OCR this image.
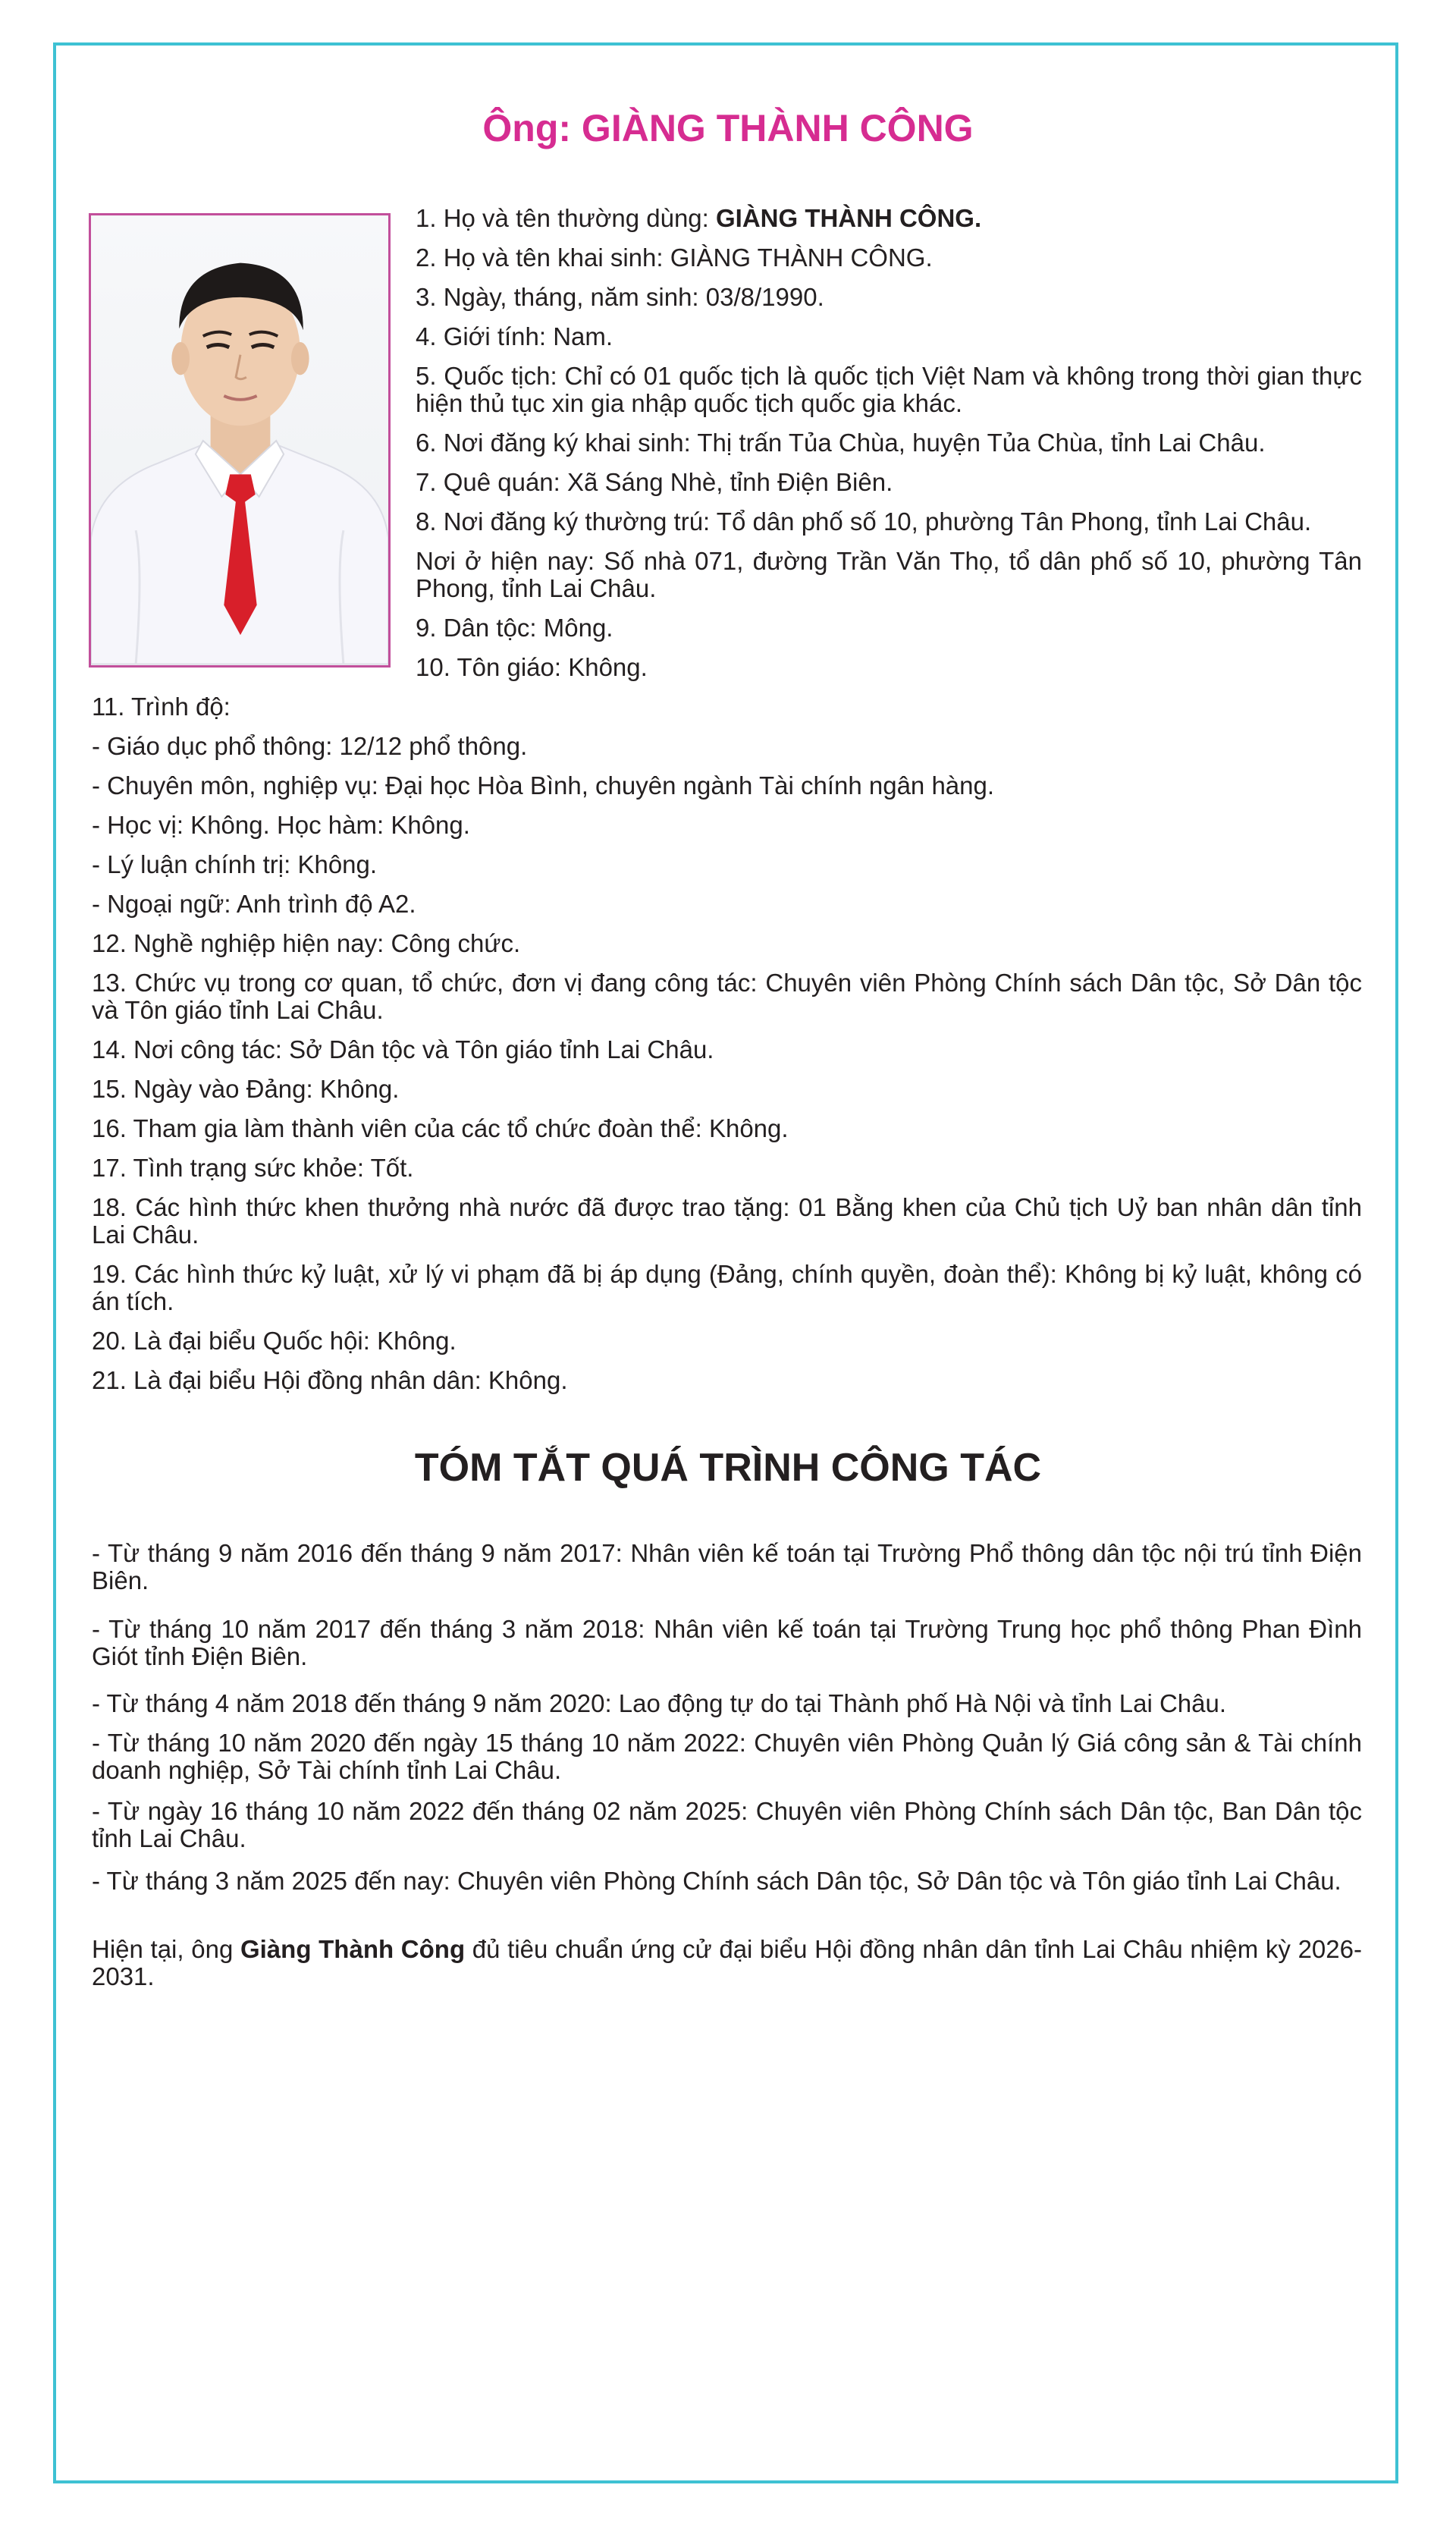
Ông: GIÀNG THÀNH CÔNG

1. Họ và tên thường dùng: GIÀNG THÀNH CÔNG.

2. Họ và tên khai sinh: GIÀNG THÀNH CÔNG.

3. Ngày, tháng, năm sinh: 03/8/1990.

4. Giới tính: Nam.

5. Quốc tịch: Chỉ có 01 quốc tịch là quốc tịch Việt Nam và không trong thời gian thực hiện thủ tục xin gia nhập quốc tịch quốc gia khác.

6. Nơi đăng ký khai sinh: Thị trấn Tủa Chùa, huyện Tủa Chùa, tỉnh Lai Châu.

7. Quê quán: Xã Sáng Nhè, tỉnh Điện Biên.

8. Nơi đăng ký thường trú: Tổ dân phố số 10, phường Tân Phong, tỉnh Lai Châu.

Nơi ở hiện nay: Số nhà 071, đường Trần Văn Thọ, tổ dân phố số 10, phường Tân Phong, tỉnh Lai Châu.

9. Dân tộc: Mông.

10. Tôn giáo: Không.

11. Trình độ:

- Giáo dục phổ thông: 12/12 phổ thông.

- Chuyên môn, nghiệp vụ: Đại học Hòa Bình, chuyên ngành Tài chính ngân hàng.

- Học vị: Không. Học hàm: Không.

- Lý luận chính trị: Không.

- Ngoại ngữ: Anh trình độ A2.

12. Nghề nghiệp hiện nay: Công chức.

13. Chức vụ trong cơ quan, tổ chức, đơn vị đang công tác: Chuyên viên Phòng Chính sách Dân tộc, Sở Dân tộc và Tôn giáo tỉnh Lai Châu.

14. Nơi công tác: Sở Dân tộc và Tôn giáo tỉnh Lai Châu.

15. Ngày vào Đảng: Không.

16. Tham gia làm thành viên của các tổ chức đoàn thể: Không.

17. Tình trạng sức khỏe: Tốt.

18. Các hình thức khen thưởng nhà nước đã được trao tặng: 01 Bằng khen của Chủ tịch Uỷ ban nhân dân tỉnh Lai Châu.

19. Các hình thức kỷ luật, xử lý vi phạm đã bị áp dụng (Đảng, chính quyền, đoàn thể): Không bị kỷ luật, không có án tích.

20. Là đại biểu Quốc hội: Không.

21. Là đại biểu Hội đồng nhân dân: Không.

TÓM TẮT QUÁ TRÌNH CÔNG TÁC

- Từ tháng 9 năm 2016 đến tháng 9 năm 2017: Nhân viên kế toán tại Trường Phổ thông dân tộc nội trú tỉnh Điện Biên.

- Từ tháng 10 năm 2017 đến tháng 3 năm 2018: Nhân viên kế toán tại Trường Trung học phổ thông Phan Đình Giót tỉnh Điện Biên.

- Từ tháng 4 năm 2018 đến tháng 9 năm 2020: Lao động tự do tại Thành phố Hà Nội và tỉnh Lai Châu.

- Từ tháng 10 năm 2020 đến ngày 15 tháng 10 năm 2022: Chuyên viên Phòng Quản lý Giá công sản & Tài chính doanh nghiệp, Sở Tài chính tỉnh Lai Châu.

- Từ ngày 16 tháng 10 năm 2022 đến tháng 02 năm 2025: Chuyên viên Phòng Chính sách Dân tộc, Ban Dân tộc tỉnh Lai Châu.

- Từ tháng 3 năm 2025 đến nay: Chuyên viên Phòng Chính sách Dân tộc, Sở Dân tộc và Tôn giáo tỉnh Lai Châu.

Hiện tại, ông Giàng Thành Công đủ tiêu chuẩn ứng cử đại biểu Hội đồng nhân dân tỉnh Lai Châu nhiệm kỳ 2026-2031.
